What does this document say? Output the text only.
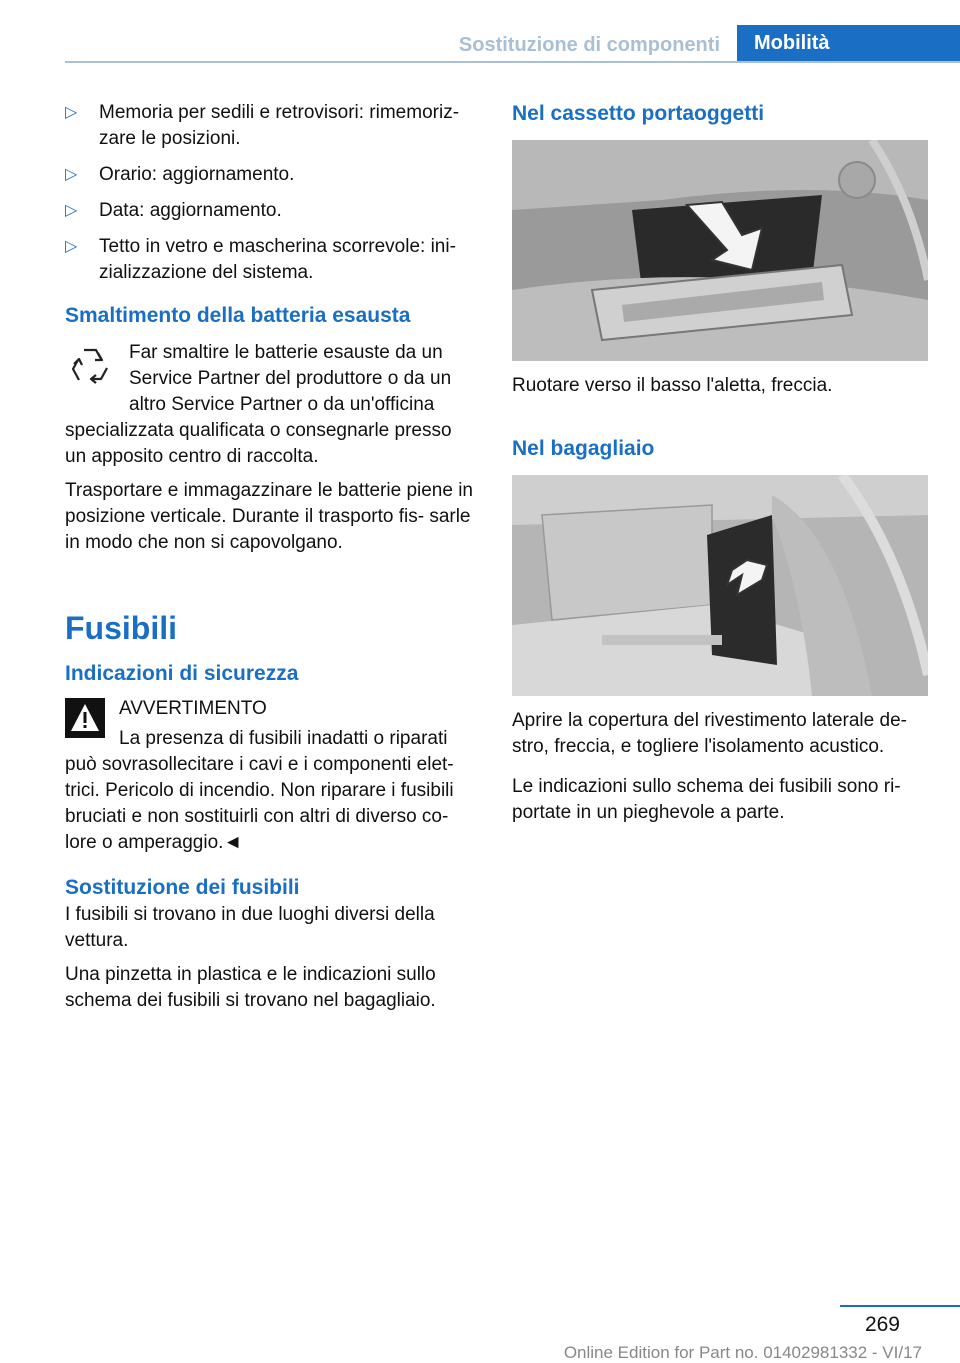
Sostituzione di componenti	Mobilità
▷ Memoria per sedili e retrovisori: rimemoriz‐ zare le posizioni.
▷ Orario: aggiornamento.
▷ Data: aggiornamento.
▷ Tetto in vetro e mascherina scorrevole: ini‐ zializzazione del sistema.
Smaltimento della batteria esausta

Far smaltire le batterie esauste da un Service Partner del produttore o da un altro Service Partner o da un'officina specializzata qualificata o consegnarle presso un apposito centro di raccolta.

Trasportare e immagazzinare le batterie piene in posizione verticale. Durante il trasporto fis‐ sarle in modo che non si capovolgano.

Fusibili
Indicazioni di sicurezza

AVVERTIMENTO

La presenza di fusibili inadatti o riparati può sovrasollecitare i cavi e i componenti elet‐ trici. Pericolo di incendio. Non riparare i fusibili bruciati e non sostituirli con altri di diverso co‐ lore o amperaggio.◄

Sostituzione dei fusibili

I fusibili si trovano in due luoghi diversi della vettura.

Una pinzetta in plastica e le indicazioni sullo schema dei fusibili si trovano nel bagagliaio.

Nel cassetto portaoggetti

Ruotare verso il basso l'aletta, freccia.

Nel bagagliaio

Aprire la copertura del rivestimento laterale de‐ stro, freccia, e togliere l'isolamento acustico.

Le indicazioni sullo schema dei fusibili sono ri‐ portate in un pieghevole a parte.

269
Online Edition for Part no. 01402981332 - VI/17
